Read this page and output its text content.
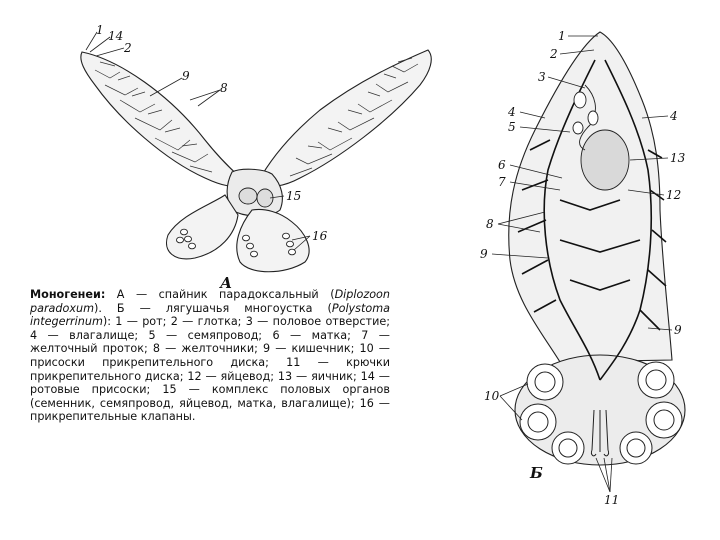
1 14
2
9
8
15
16
А
1
2
3
4
5
6
7
8
9
10
4
13
12
9
11
Б
Моногенеи: А — спайник парадоксальный (Diplozoon paradoxum). Б — лягушачья многоустка (Polystoma integerrinum): 1 — рот; 2 — глотка; 3 — половое отверстие; 4 — влагалище; 5 — семяпровод; 6 — матка; 7 — желточный проток; 8 — желточники; 9 — кишечник; 10 — присоски прикрепительного диска; 11 — крючки прикрепительного диска; 12 — яйцевод; 13 — яичник; 14 — ротовые присоски; 15 — комплекс половых органов (семенник, семяпровод, яйцевод, матка, влагалище); 16 — прикрепительные клапаны.
